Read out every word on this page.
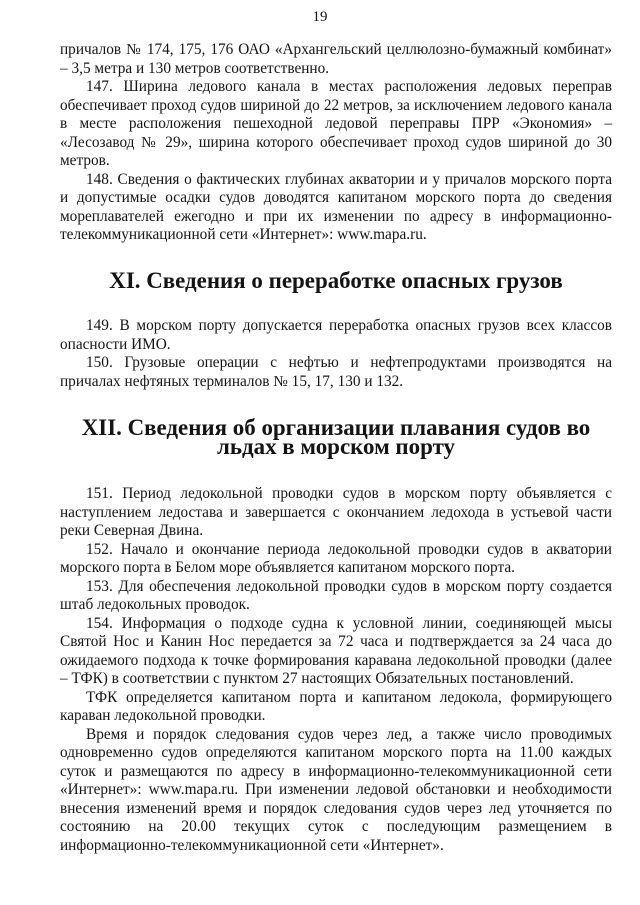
19

причалов № 174, 175, 176 ОАО «Архангельский целлюлозно-бумажный комбинат» – 3,5 метра и 130 метров соответственно.

147. Ширина ледового канала в местах расположения ледовых переправ обеспечивает проход судов шириной до 22 метров, за исключением ледового канала в месте расположения пешеходной ледовой переправы ПРР «Экономия» – «Лесозавод № 29», ширина которого обеспечивает проход судов шириной до 30 метров.

148. Сведения о фактических глубинах акватории и у причалов морского порта и допустимые осадки судов доводятся капитаном морского порта до сведения мореплавателей ежегодно и при их изменении по адресу в информационно-телекоммуникационной сети «Интернет»: www.mapa.ru.

XI. Сведения о переработке опасных грузов

149. В морском порту допускается переработка опасных грузов всех классов опасности ИМО.

150. Грузовые операции с нефтью и нефтепродуктами производятся на причалах нефтяных терминалов № 15, 17, 130 и 132.

XII. Сведения об организации плавания судов во льдах в морском порту

151. Период ледокольной проводки судов в морском порту объявляется с наступлением ледостава и завершается с окончанием ледохода в устьевой части реки Северная Двина.

152. Начало и окончание периода ледокольной проводки судов в акватории морского порта в Белом море объявляется капитаном морского порта.

153. Для обеспечения ледокольной проводки судов в морском порту создается штаб ледокольных проводок.

154. Информация о подходе судна к условной линии, соединяющей мысы Святой Нос и Канин Нос передается за 72 часа и подтверждается за 24 часа до ожидаемого подхода к точке формирования каравана ледокольной проводки (далее – ТФК) в соответствии с пунктом 27 настоящих Обязательных постановлений.

ТФК определяется капитаном порта и капитаном ледокола, формирующего караван ледокольной проводки.

Время и порядок следования судов через лед, а также число проводимых одновременно судов определяются капитаном морского порта на 11.00 каждых суток и размещаются по адресу в информационно-телекоммуникационной сети «Интернет»: www.mapa.ru. При изменении ледовой обстановки и необходимости внесения изменений время и порядок следования судов через лед уточняется по состоянию на 20.00 текущих суток с последующим размещением в информационно-телекоммуникационной сети «Интернет».
